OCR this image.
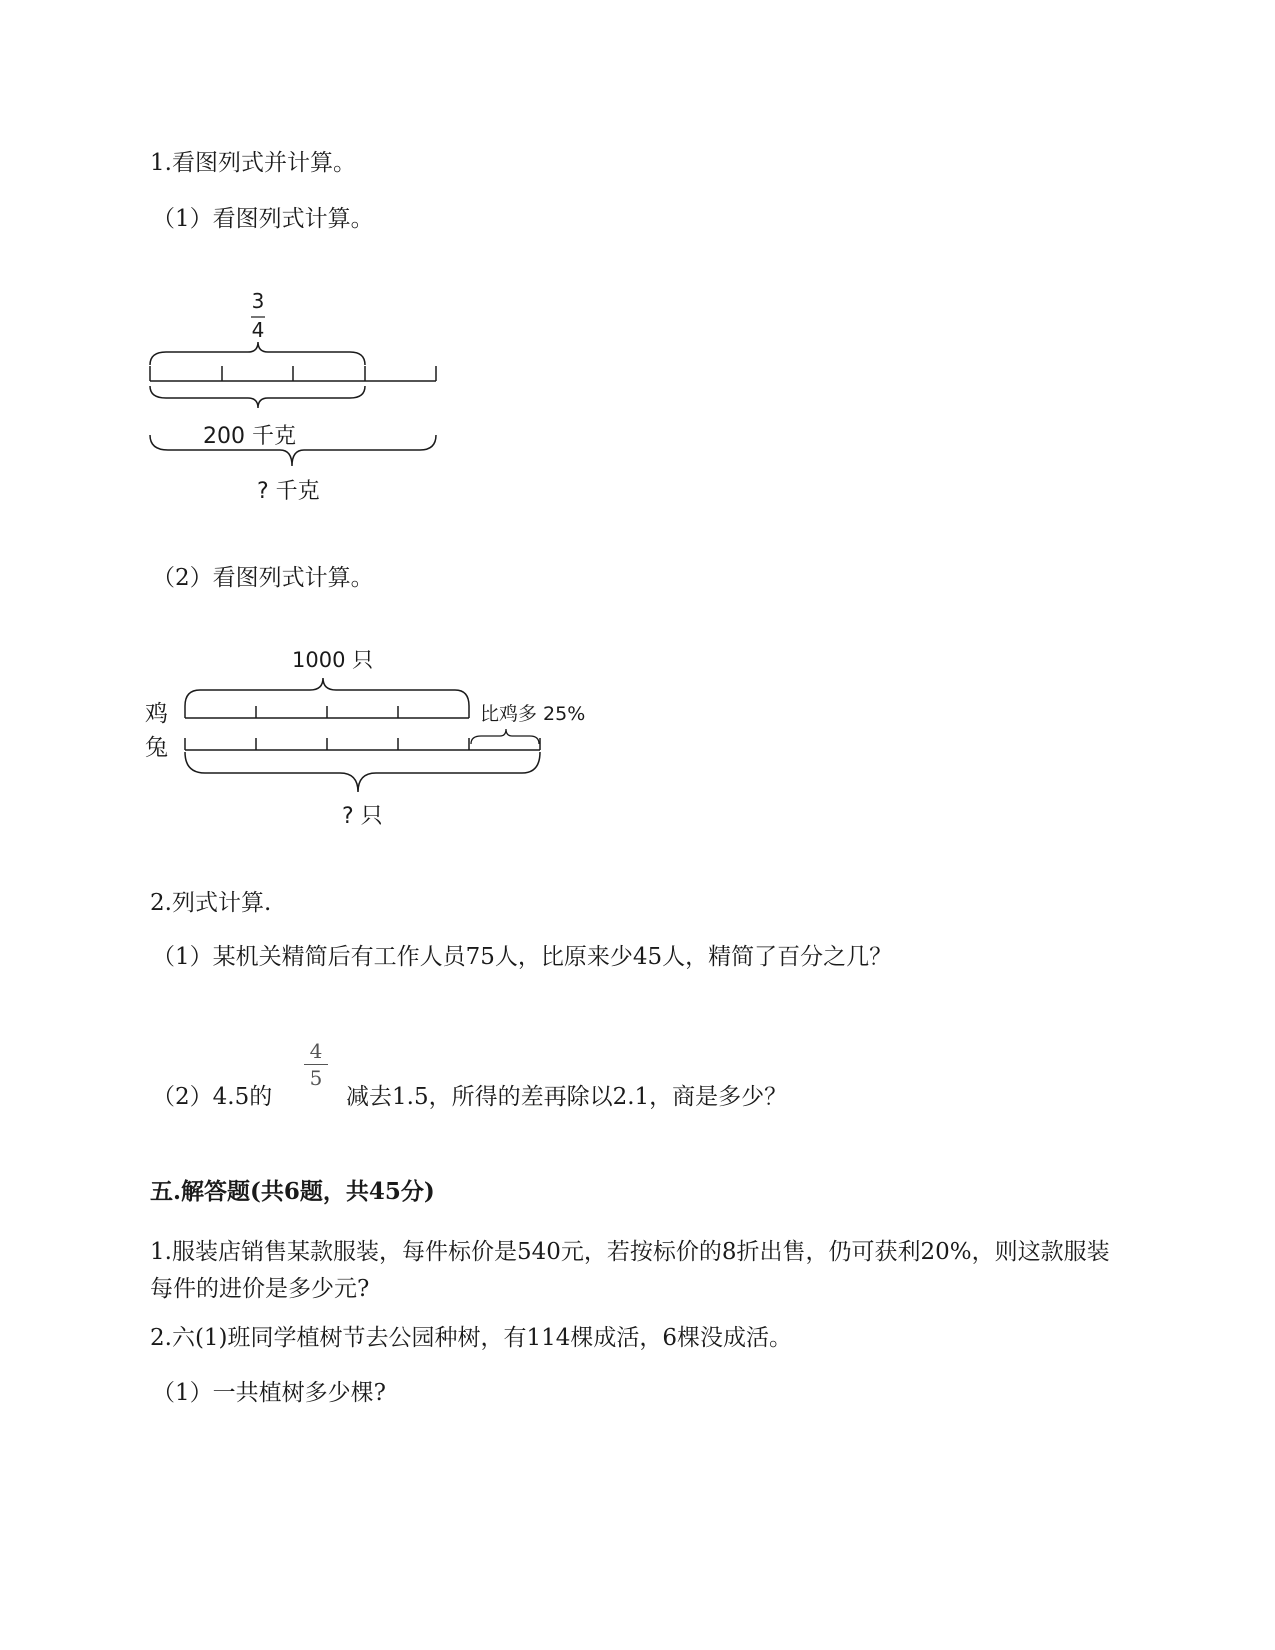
1.看图列式并计算。
（1）看图列式计算。
3
4
200 千克
? 千克
（2）看图列式计算。
1000 只
鸡	比鸡多 25%
兔
? 只
2.列式计算.
（1）某机关精简后有工作人员75人，比原来少45人，精简了百分之几？
4
5
（2）4.5的	减去1.5，所得的差再除以2.1，商是多少？
五.解答题(共6题，共45分)
1.服装店销售某款服装，每件标价是540元，若按标价的8折出售，仍可获利20%，则这款服装每件的进价是多少元?
2.六(1)班同学植树节去公园种树，有114棵成活，6棵没成活。
（1）一共植树多少棵?
